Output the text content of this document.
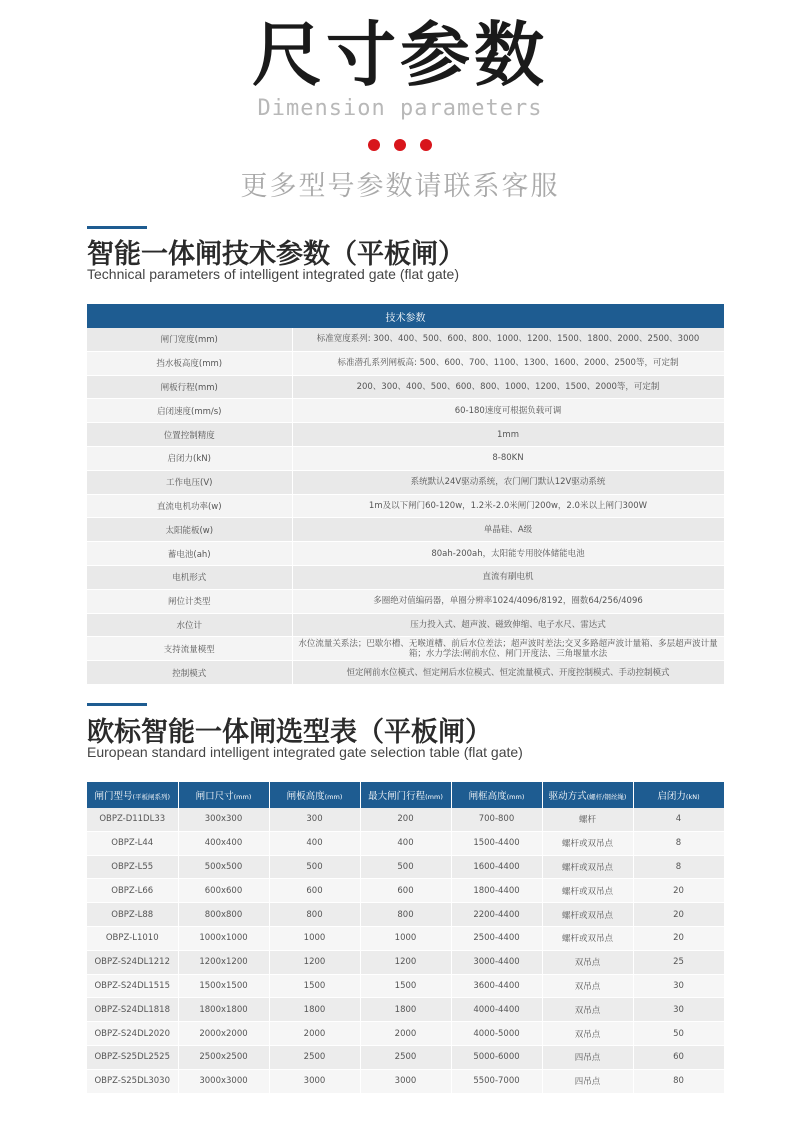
尺寸参数
Dimension parameters

更多型号参数请联系客服
智能一体闸技术参数（平板闸）
Technical parameters of intelligent integrated gate (flat gate)
技术参数	
闸门宽度(mm)	标准宽度系列: 300、400、500、600、800、1000、1200、1500、1800、2000、2500、3000
挡水板高度(mm)	标准潜孔系列闸板高: 500、600、700、1100、1300、1600、2000、2500等，可定制
闸板行程(mm)	200、300、400、500、600、800、1000、1200、1500、2000等，可定制
启闭速度(mm/s)	60-180速度可根据负载可调
位置控制精度	1mm
启闭力(kN)	8-80KN
工作电压(V)	系统默认24V驱动系统，农门闸门默认12V驱动系统
直流电机功率(w)	1m及以下闸门60-120w，1.2米-2.0米闸门200w，2.0米以上闸门300W
太阳能板(w)	单晶硅、A级
蓄电池(ah)	80ah-200ah，太阳能专用胶体储能电池
电机形式	直流有刷电机
闸位计类型	多圈绝对值编码器，单圈分辨率1024/4096/8192，圈数64/256/4096
水位计	压力投入式、超声波、磁致伸缩、电子水尺、雷达式
支持流量模型	水位流量关系法；巴歇尔槽、无喉道槽、前后水位差法；超声波时差法;交叉多路超声波计量箱、多层超声波计量箱；水力学法:闸前水位、闸门开度法、三角堰量水法
控制模式	恒定闸前水位模式、恒定闸后水位模式、恒定流量模式、开度控制模式、手动控制模式
欧标智能一体闸选型表（平板闸）
European standard intelligent integrated gate selection table (flat gate)
闸门型号(平板闸系列)	闸口尺寸(mm)	闸板高度(mm)	最大闸门行程(mm)	闸框高度(mm)	驱动方式(螺杆/钢丝绳)	启闭力(kN)
OBPZ-D11DL33	300x300	300	200	700-800	螺杆	4
OBPZ-L44	400x400	400	400	1500-4400	螺杆或双吊点	8
OBPZ-L55	500x500	500	500	1600-4400	螺杆或双吊点	8
OBPZ-L66	600x600	600	600	1800-4400	螺杆或双吊点	20
OBPZ-L88	800x800	800	800	2200-4400	螺杆或双吊点	20
OBPZ-L1010	1000x1000	1000	1000	2500-4400	螺杆或双吊点	20
OBPZ-S24DL1212	1200x1200	1200	1200	3000-4400	双吊点	25
OBPZ-S24DL1515	1500x1500	1500	1500	3600-4400	双吊点	30
OBPZ-S24DL1818	1800x1800	1800	1800	4000-4400	双吊点	30
OBPZ-S24DL2020	2000x2000	2000	2000	4000-5000	双吊点	50
OBPZ-S25DL2525	2500x2500	2500	2500	5000-6000	四吊点	60
OBPZ-S25DL3030	3000x3000	3000	3000	5500-7000	四吊点	80
